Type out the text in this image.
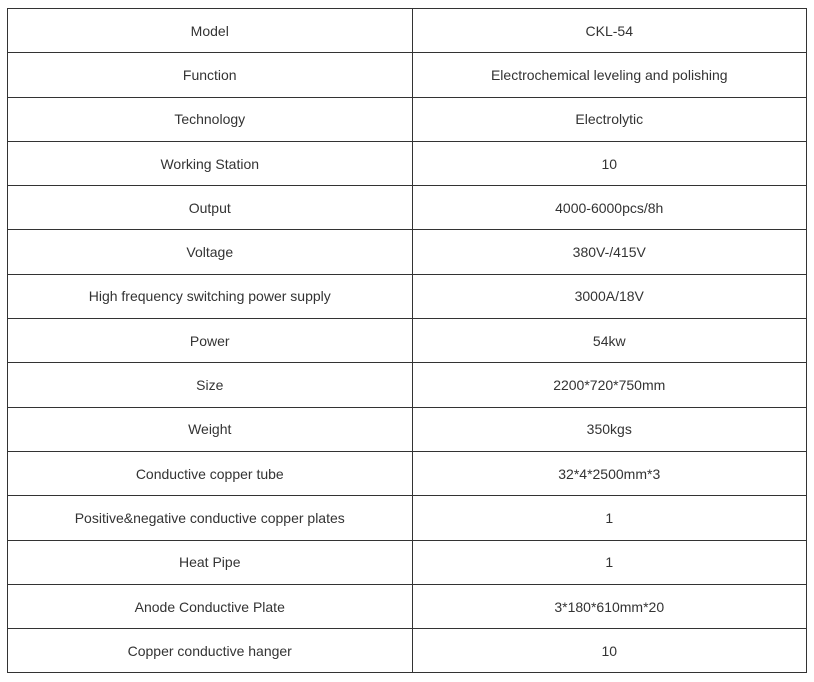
Model	CKL-54
Function	Electrochemical leveling and polishing
Technology	Electrolytic
Working Station	10
Output	4000-6000pcs/8h
Voltage	380V-/415V
High frequency switching power supply	3000A/18V
Power	54kw
Size	2200*720*750mm
Weight	350kgs
Conductive copper tube	32*4*2500mm*3
Positive&negative conductive copper plates	1
Heat Pipe	1
Anode Conductive Plate	3*180*610mm*20
Copper conductive hanger	10
